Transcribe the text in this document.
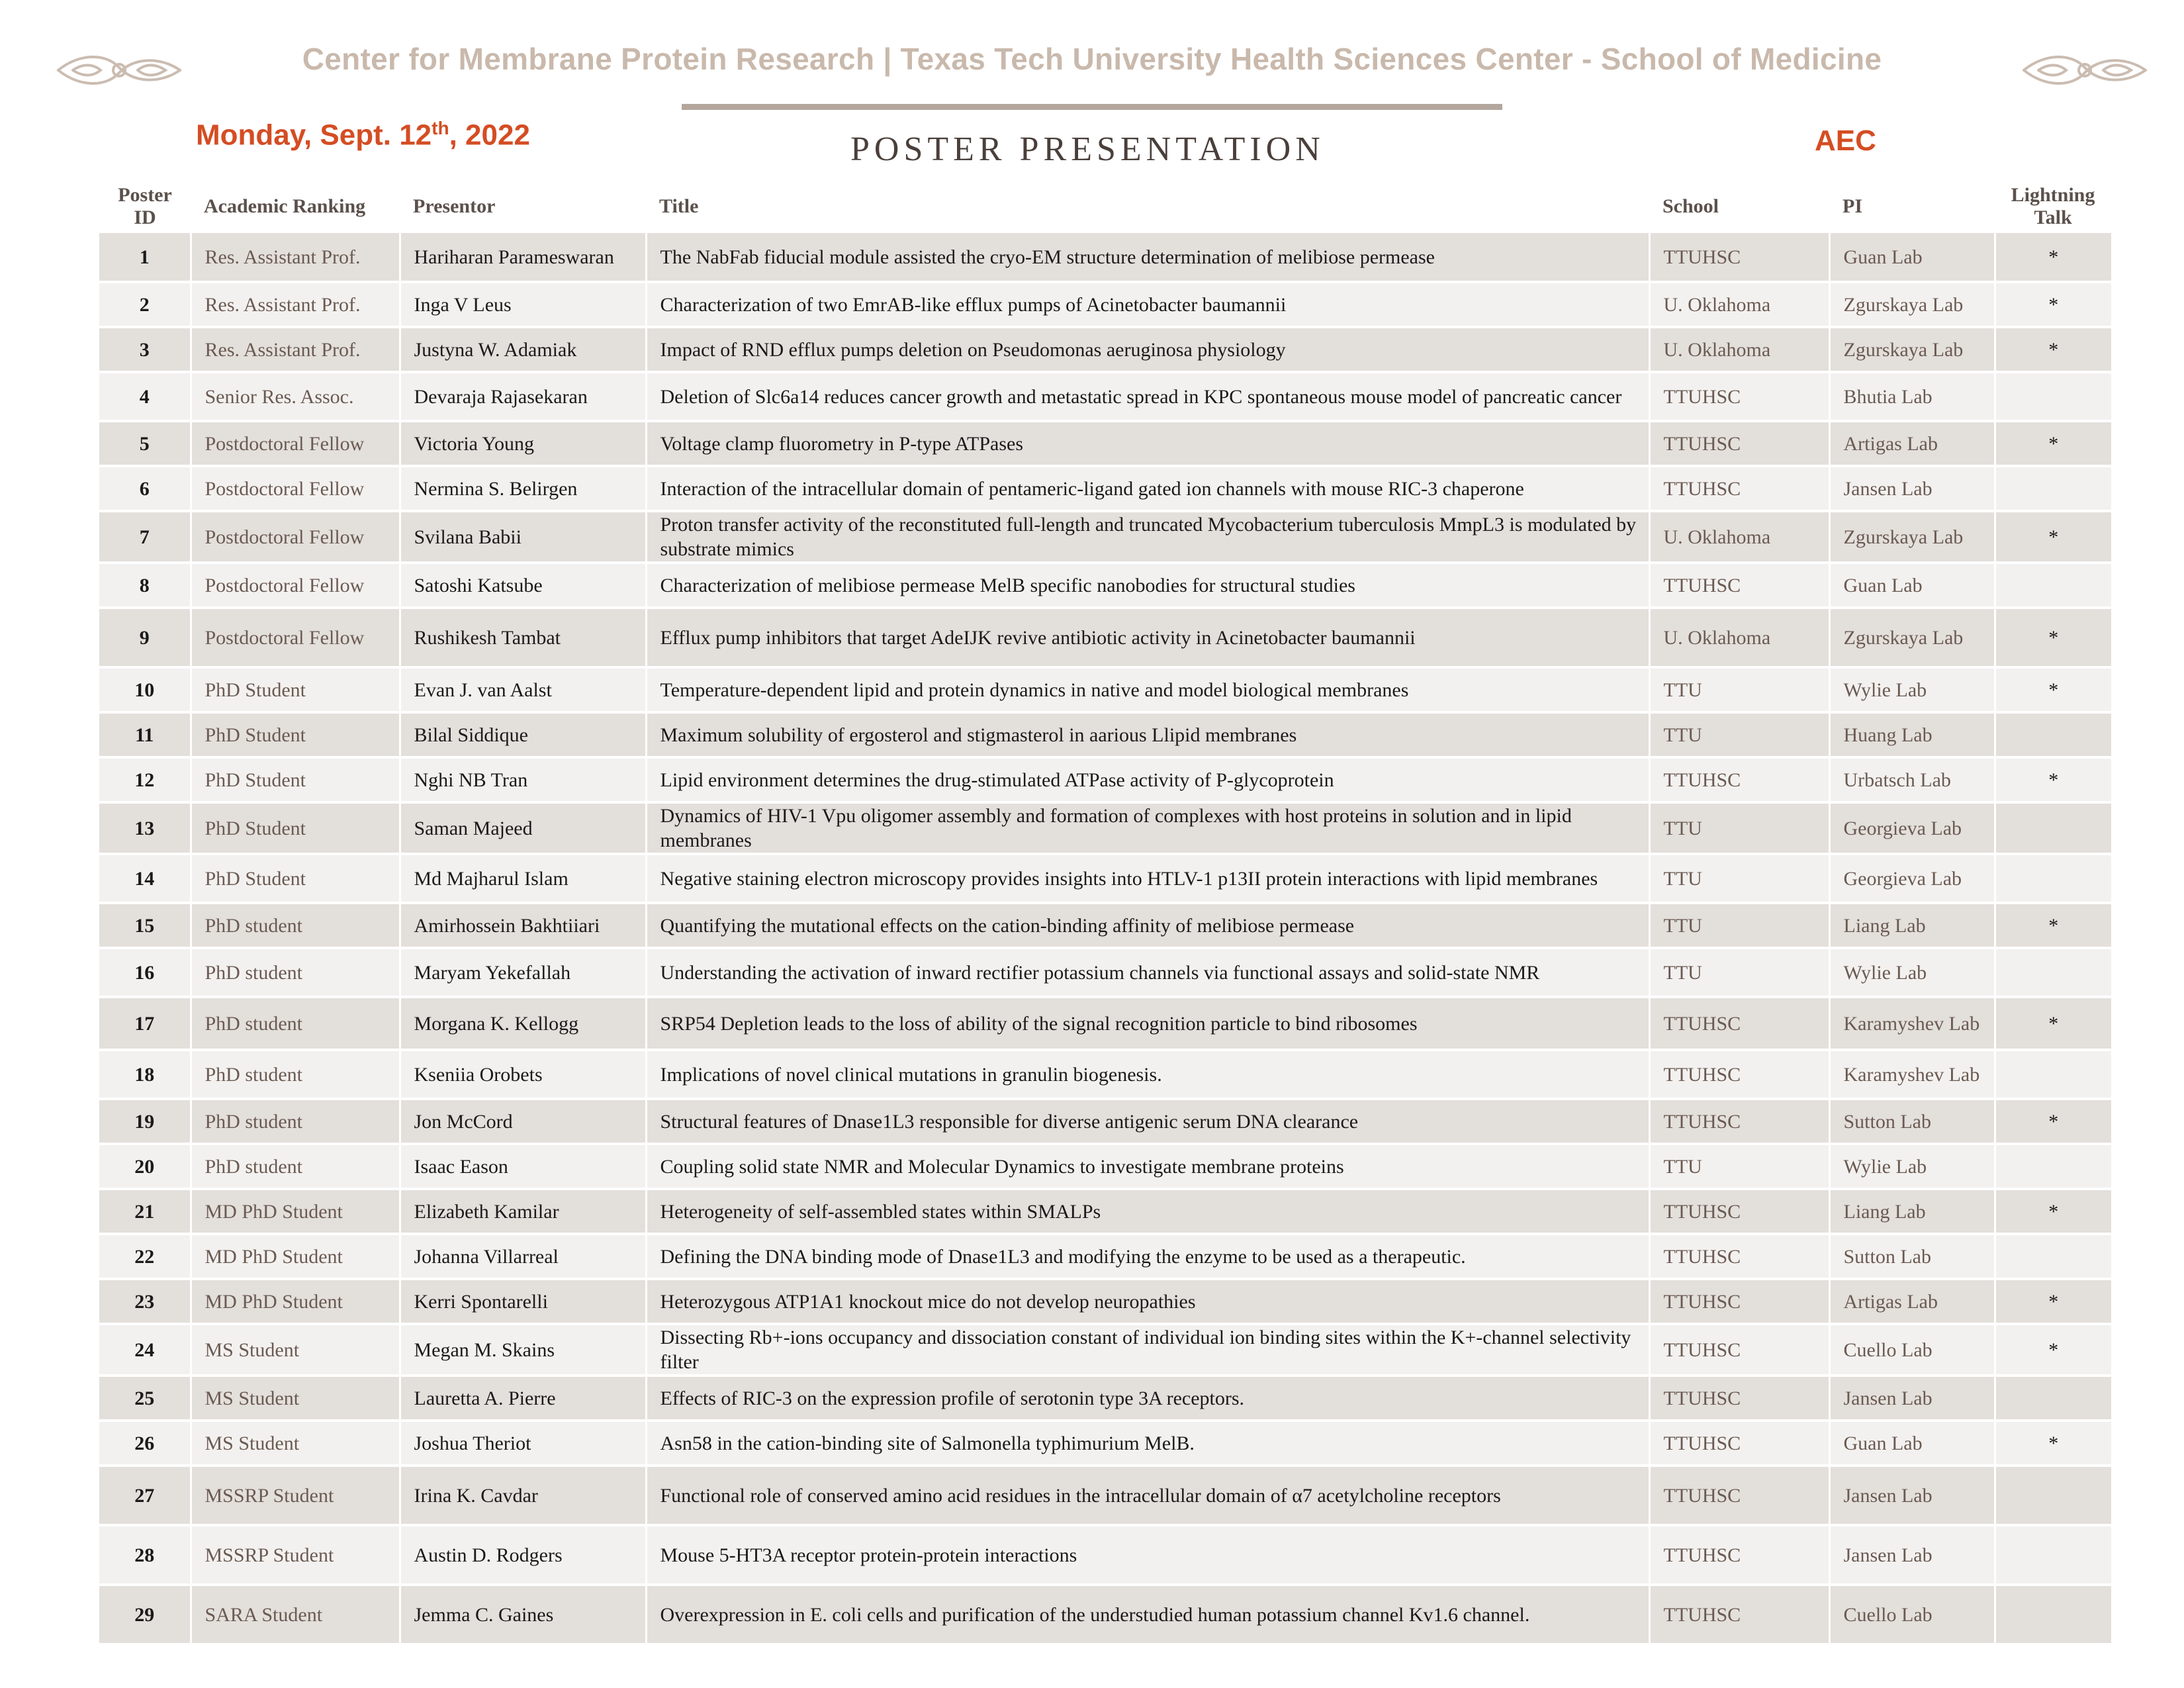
Center for Membrane Protein Research | Texas Tech University Health Sciences Center - School of Medicine
Monday, Sept. 12th, 2022	POSTER PRESENTATION	AEC
Poster
ID	Academic Ranking	Presentor	Title	School	PI	Lightning
Talk
1	Res. Assistant Prof.	Hariharan Parameswaran	The NabFab fiducial module assisted the cryo-EM structure determination of melibiose permease	TTUHSC	Guan Lab	*
2	Res. Assistant Prof.	Inga V Leus	Characterization of two EmrAB-like efflux pumps of Acinetobacter baumannii	U. Oklahoma	Zgurskaya Lab	*
3	Res. Assistant Prof.	Justyna W. Adamiak	Impact of RND efflux pumps deletion on Pseudomonas aeruginosa physiology	U. Oklahoma	Zgurskaya Lab	*
4	Senior Res. Assoc.	Devaraja Rajasekaran	Deletion of Slc6a14 reduces cancer growth and metastatic spread in KPC spontaneous mouse model of pancreatic cancer	TTUHSC	Bhutia Lab	
5	Postdoctoral Fellow	Victoria Young	Voltage clamp fluorometry in P-type ATPases	TTUHSC	Artigas Lab	*
6	Postdoctoral Fellow	Nermina S. Belirgen	Interaction of the intracellular domain of pentameric-ligand gated ion channels with mouse RIC-3 chaperone	TTUHSC	Jansen Lab	
7	Postdoctoral Fellow	Svilana Babii	Proton transfer activity of the reconstituted full-length and truncated Mycobacterium tuberculosis MmpL3 is modulated by substrate mimics	U. Oklahoma	Zgurskaya Lab	*
8	Postdoctoral Fellow	Satoshi Katsube	Characterization of melibiose permease MelB specific nanobodies for structural studies	TTUHSC	Guan Lab	
9	Postdoctoral Fellow	Rushikesh Tambat	Efflux pump inhibitors that target AdeIJK revive antibiotic activity in Acinetobacter baumannii	U. Oklahoma	Zgurskaya Lab	*
10	PhD Student	Evan J. van Aalst	Temperature-dependent lipid and protein dynamics in native and model biological membranes	TTU	Wylie Lab	*
11	PhD Student	Bilal Siddique	Maximum solubility of ergosterol and stigmasterol in aarious Llipid membranes	TTU	Huang Lab	
12	PhD Student	Nghi NB Tran	Lipid environment determines the drug-stimulated ATPase activity of P-glycoprotein	TTUHSC	Urbatsch Lab	*
13	PhD Student	Saman Majeed	Dynamics of HIV-1 Vpu oligomer assembly and formation of complexes with host proteins in solution and in lipid membranes	TTU	Georgieva Lab	
14	PhD Student	Md Majharul Islam	Negative staining electron microscopy provides insights into HTLV-1 p13II protein interactions with lipid membranes	TTU	Georgieva Lab	
15	PhD student	Amirhossein Bakhtiiari	Quantifying the mutational effects on the cation-binding affinity of melibiose permease	TTU	Liang Lab	*
16	PhD student	Maryam Yekefallah	Understanding the activation of inward rectifier potassium channels via functional assays and solid-state NMR	TTU	Wylie Lab	
17	PhD student	Morgana K. Kellogg	SRP54 Depletion leads to the loss of ability of the signal recognition particle to bind ribosomes	TTUHSC	Karamyshev Lab	*
18	PhD student	Kseniia Orobets	Implications of novel clinical mutations in granulin biogenesis.	TTUHSC	Karamyshev Lab	
19	PhD student	Jon McCord	Structural features of Dnase1L3 responsible for diverse antigenic serum DNA clearance	TTUHSC	Sutton Lab	*
20	PhD student	Isaac Eason	Coupling solid state NMR and Molecular Dynamics to investigate membrane proteins	TTU	Wylie Lab	
21	MD PhD Student	Elizabeth Kamilar	Heterogeneity of self-assembled states within SMALPs	TTUHSC	Liang Lab	*
22	MD PhD Student	Johanna Villarreal	Defining the DNA binding mode of Dnase1L3 and modifying the enzyme to be used as a therapeutic.	TTUHSC	Sutton Lab	
23	MD PhD Student	Kerri Spontarelli	Heterozygous ATP1A1 knockout mice do not develop neuropathies	TTUHSC	Artigas Lab	*
24	MS Student	Megan M. Skains	Dissecting Rb+-ions occupancy and dissociation constant of individual ion binding sites within the K+-channel selectivity filter	TTUHSC	Cuello Lab	*
25	MS Student	Lauretta A. Pierre	Effects of RIC-3 on the expression profile of serotonin type 3A receptors.	TTUHSC	Jansen Lab	
26	MS Student	Joshua Theriot	Asn58 in the cation-binding site of Salmonella typhimurium MelB.	TTUHSC	Guan Lab	*
27	MSSRP Student	Irina K. Cavdar	Functional role of conserved amino acid residues in the intracellular domain of α7 acetylcholine receptors	TTUHSC	Jansen Lab	
28	MSSRP Student	Austin D. Rodgers	Mouse 5-HT3A receptor protein-protein interactions	TTUHSC	Jansen Lab	
29	SARA Student	Jemma C. Gaines	Overexpression in E. coli cells and purification of the understudied human potassium channel Kv1.6 channel.	TTUHSC	Cuello Lab	
